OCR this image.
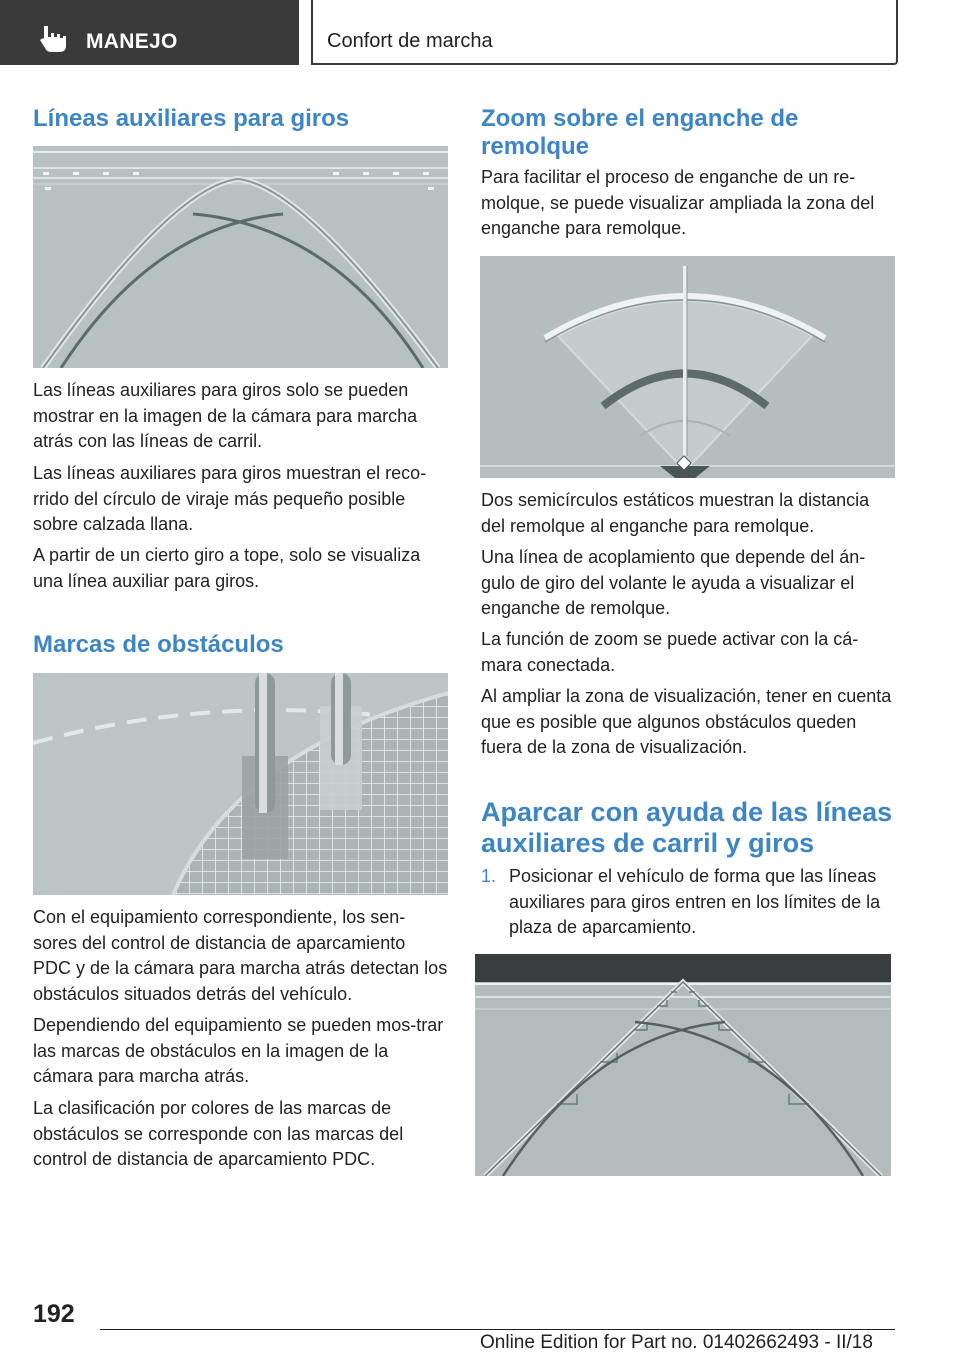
MANEJO	Confort de marcha
Líneas auxiliares para giros

Las líneas auxiliares para giros solo se pueden mostrar en la imagen de la cámara para marcha atrás con las líneas de carril.

Las líneas auxiliares para giros muestran el reco-rrido del círculo de viraje más pequeño posible sobre calzada llana.

A partir de un cierto giro a tope, solo se visualiza una línea auxiliar para giros.

Marcas de obstáculos

Con el equipamiento correspondiente, los sen-sores del control de distancia de aparcamiento PDC y de la cámara para marcha atrás detectan los obstáculos situados detrás del vehículo.

Dependiendo del equipamiento se pueden mos-trar las marcas de obstáculos en la imagen de la cámara para marcha atrás.

La clasificación por colores de las marcas de obstáculos se corresponde con las marcas del control de distancia de aparcamiento PDC.

Zoom sobre el enganche de remolque

Para facilitar el proceso de enganche de un re-molque, se puede visualizar ampliada la zona del enganche para remolque.

Dos semicírculos estáticos muestran la distancia del remolque al enganche para remolque.

Una línea de acoplamiento que depende del án-gulo de giro del volante le ayuda a visualizar el enganche de remolque.

La función de zoom se puede activar con la cá-mara conectada.

Al ampliar la zona de visualización, tener en cuenta que es posible que algunos obstáculos queden fuera de la zona de visualización.

Aparcar con ayuda de las líneas auxiliares de carril y giros
1. Posicionar el vehículo de forma que las líneas auxiliares para giros entren en los límites de la plaza de aparcamiento.

192
Online Edition for Part no. 01402662493 - II/18
